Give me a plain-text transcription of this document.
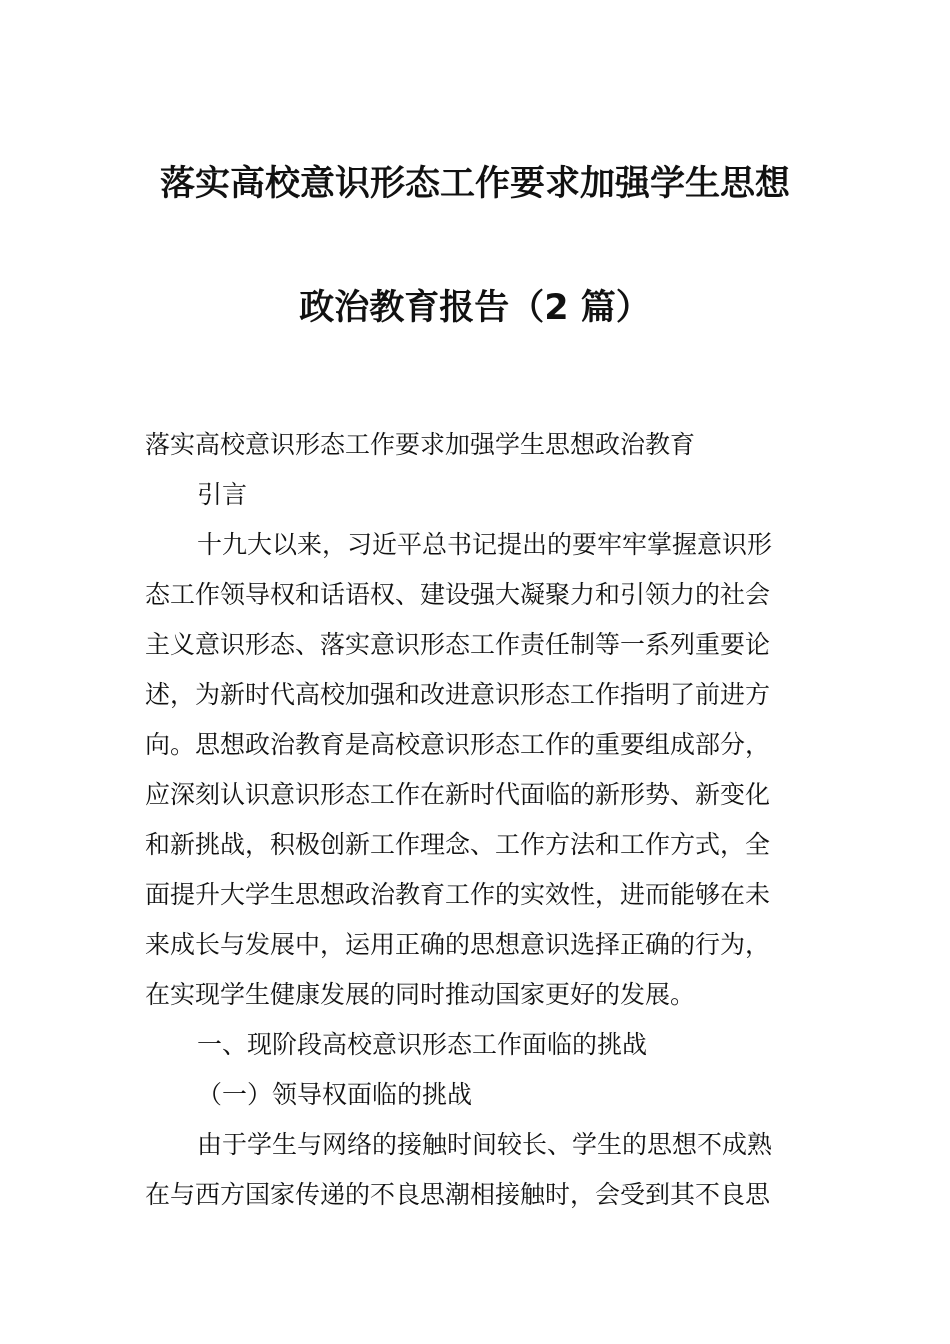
落实高校意识形态工作要求加强学生思想
政治教育报告（2 篇）
落实高校意识形态工作要求加强学生思想政治教育
引言
十九大以来，习近平总书记提出的要牢牢掌握意识形
态工作领导权和话语权、建设强大凝聚力和引领力的社会
主义意识形态、落实意识形态工作责任制等一系列重要论
述，为新时代高校加强和改进意识形态工作指明了前进方
向。思想政治教育是高校意识形态工作的重要组成部分，
应深刻认识意识形态工作在新时代面临的新形势、新变化
和新挑战，积极创新工作理念、工作方法和工作方式，全
面提升大学生思想政治教育工作的实效性，进而能够在未
来成长与发展中，运用正确的思想意识选择正确的行为，
在实现学生健康发展的同时推动国家更好的发展。
一、现阶段高校意识形态工作面临的挑战
（一）领导权面临的挑战
由于学生与网络的接触时间较长、学生的思想不成熟
在与西方国家传递的不良思潮相接触时，会受到其不良思
